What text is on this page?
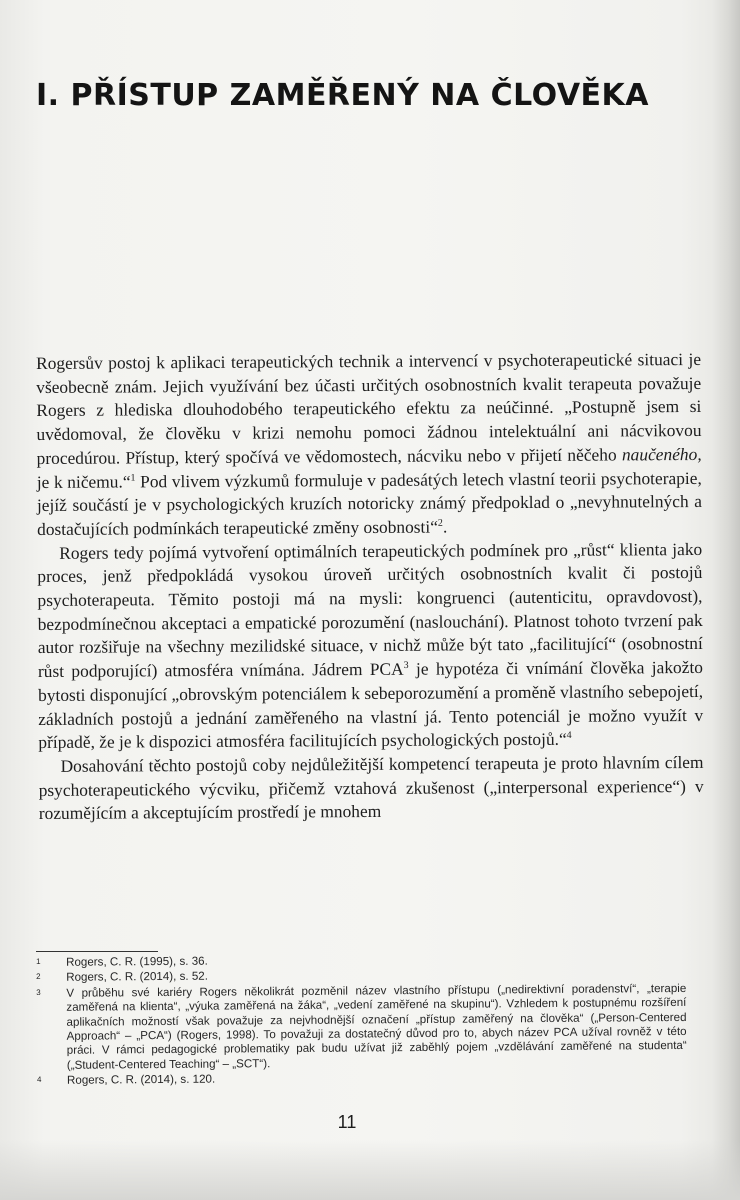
I. PŘÍSTUP ZAMĚŘENÝ NA ČLOVĚKA

Rogersův postoj k aplikaci terapeutických technik a intervencí v psychoterapeutické situaci je všeobecně znám. Jejich využívání bez účasti určitých osobnostních kvalit terapeuta považuje Rogers z hlediska dlouhodobého terapeutického efektu za neúčinné. „Postupně jsem si uvědomoval, že člověku v krizi nemohu pomoci žádnou intelektuální ani nácvikovou procedúrou. Přístup, který spočívá ve vědomostech, nácviku nebo v přijetí něčeho naučeného, je k ničemu.“$^1$ Pod vlivem výzkumů formuluje v padesátých letech vlastní teorii psychoterapie, jejíž součástí je v psychologických kruzích notoricky známý předpoklad o „nevyhnutelných a dostačujících podmínkách terapeutické změny osobnosti“$^2$.

Rogers tedy pojímá vytvoření optimálních terapeutických podmínek pro „růst“ klienta jako proces, jenž předpokládá vysokou úroveň určitých osobnostních kvalit či postojů psychoterapeuta. Těmito postoji má na mysli: kongruenci (autenticitu, opravdovost), bezpodmínečnou akceptaci a empatické porozumění (naslouchání). Platnost tohoto tvrzení pak autor rozšiřuje na všechny mezilidské situace, v nichž může být tato „facilitující“ (osobnostní růst podporující) atmosféra vnímána. Jádrem PCA$^3$ je hypotéza či vnímání člověka jakožto bytosti disponující „obrovským potenciálem k sebeporozumění a proměně vlastního sebepojetí, základních postojů a jednání zaměřeného na vlastní já. Tento potenciál je možno využít v případě, že je k dispozici atmosféra facilitujících psychologických postojů.“$^4$

Dosahování těchto postojů coby nejdůležitější kompetencí terapeuta je proto hlavním cílem psychoterapeutického výcviku, přičemž vztahová zkušenost („interpersonal experience“) v rozumějícím a akceptujícím prostředí je mnohem

1	Rogers, C. R. (1995), s. 36.
2	Rogers, C. R. (2014), s. 52.
3	V průběhu své kariéry Rogers několikrát pozměnil název vlastního přístupu („nedirektivní poradenství“, „terapie zaměřená na klienta“, „výuka zaměřená na žáka“, „vedení zaměřené na skupinu“). Vzhledem k postupnému rozšíření aplikačních možností však považuje za nejvhodnější označení „přístup zaměřený na člověka“ („Person-Centered Approach“ – „PCA“) (Rogers, 1998). To považuji za dostatečný důvod pro to, abych název PCA užíval rovněž v této práci. V rámci pedagogické problematiky pak budu užívat již zaběhlý pojem „vzdělávání zaměřené na studenta“ („Student-Centered Teaching“ – „SCT“).
4	Rogers, C. R. (2014), s. 120.
11
